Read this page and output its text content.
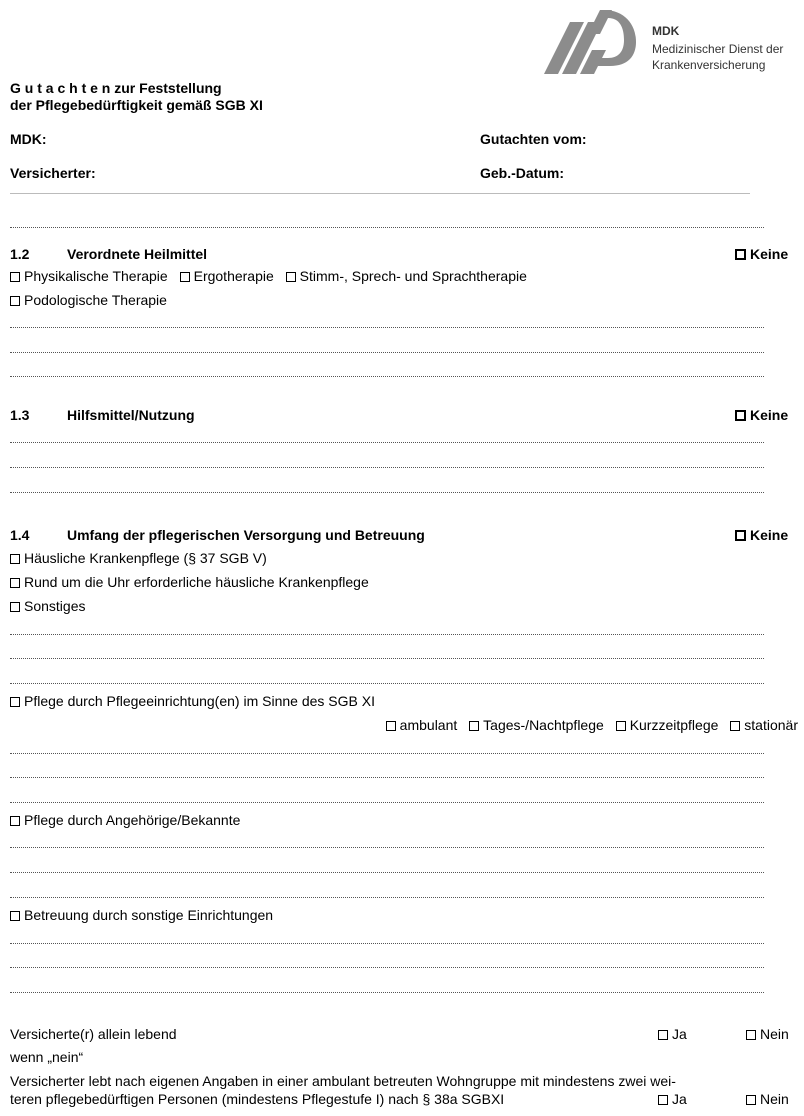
MDK
Medizinischer Dienst der
Krankenversicherung
G u t a c h t e n zur Feststellung
der Pflegebedürftigkeit gemäß SGB XI
MDK:	Gutachten vom:
Versicherter:	Geb.-Datum:
1.2	Verordnete Heilmittel	Keine
Physikalische Therapie Ergotherapie Stimm-, Sprech- und Sprachtherapie
Podologische Therapie
1.3	Hilfsmittel/Nutzung	Keine
1.4	Umfang der pflegerischen Versorgung und Betreuung	Keine
Häusliche Krankenpflege (§ 37 SGB V)
Rund um die Uhr erforderliche häusliche Krankenpflege
Sonstiges
Pflege durch Pflegeeinrichtung(en) im Sinne des SGB XI
ambulant Tages-/Nachtpflege Kurzzeitpflege stationär
Pflege durch Angehörige/Bekannte
Betreuung durch sonstige Einrichtungen
Versicherte(r) allein lebend	Ja	Nein
wenn „nein“
Versicherter lebt nach eigenen Angaben in einer ambulant betreuten Wohngruppe mit mindestens zwei wei-
teren pflegebedürftigen Personen (mindestens Pflegestufe I) nach § 38a SGBXI	Ja	Nein
